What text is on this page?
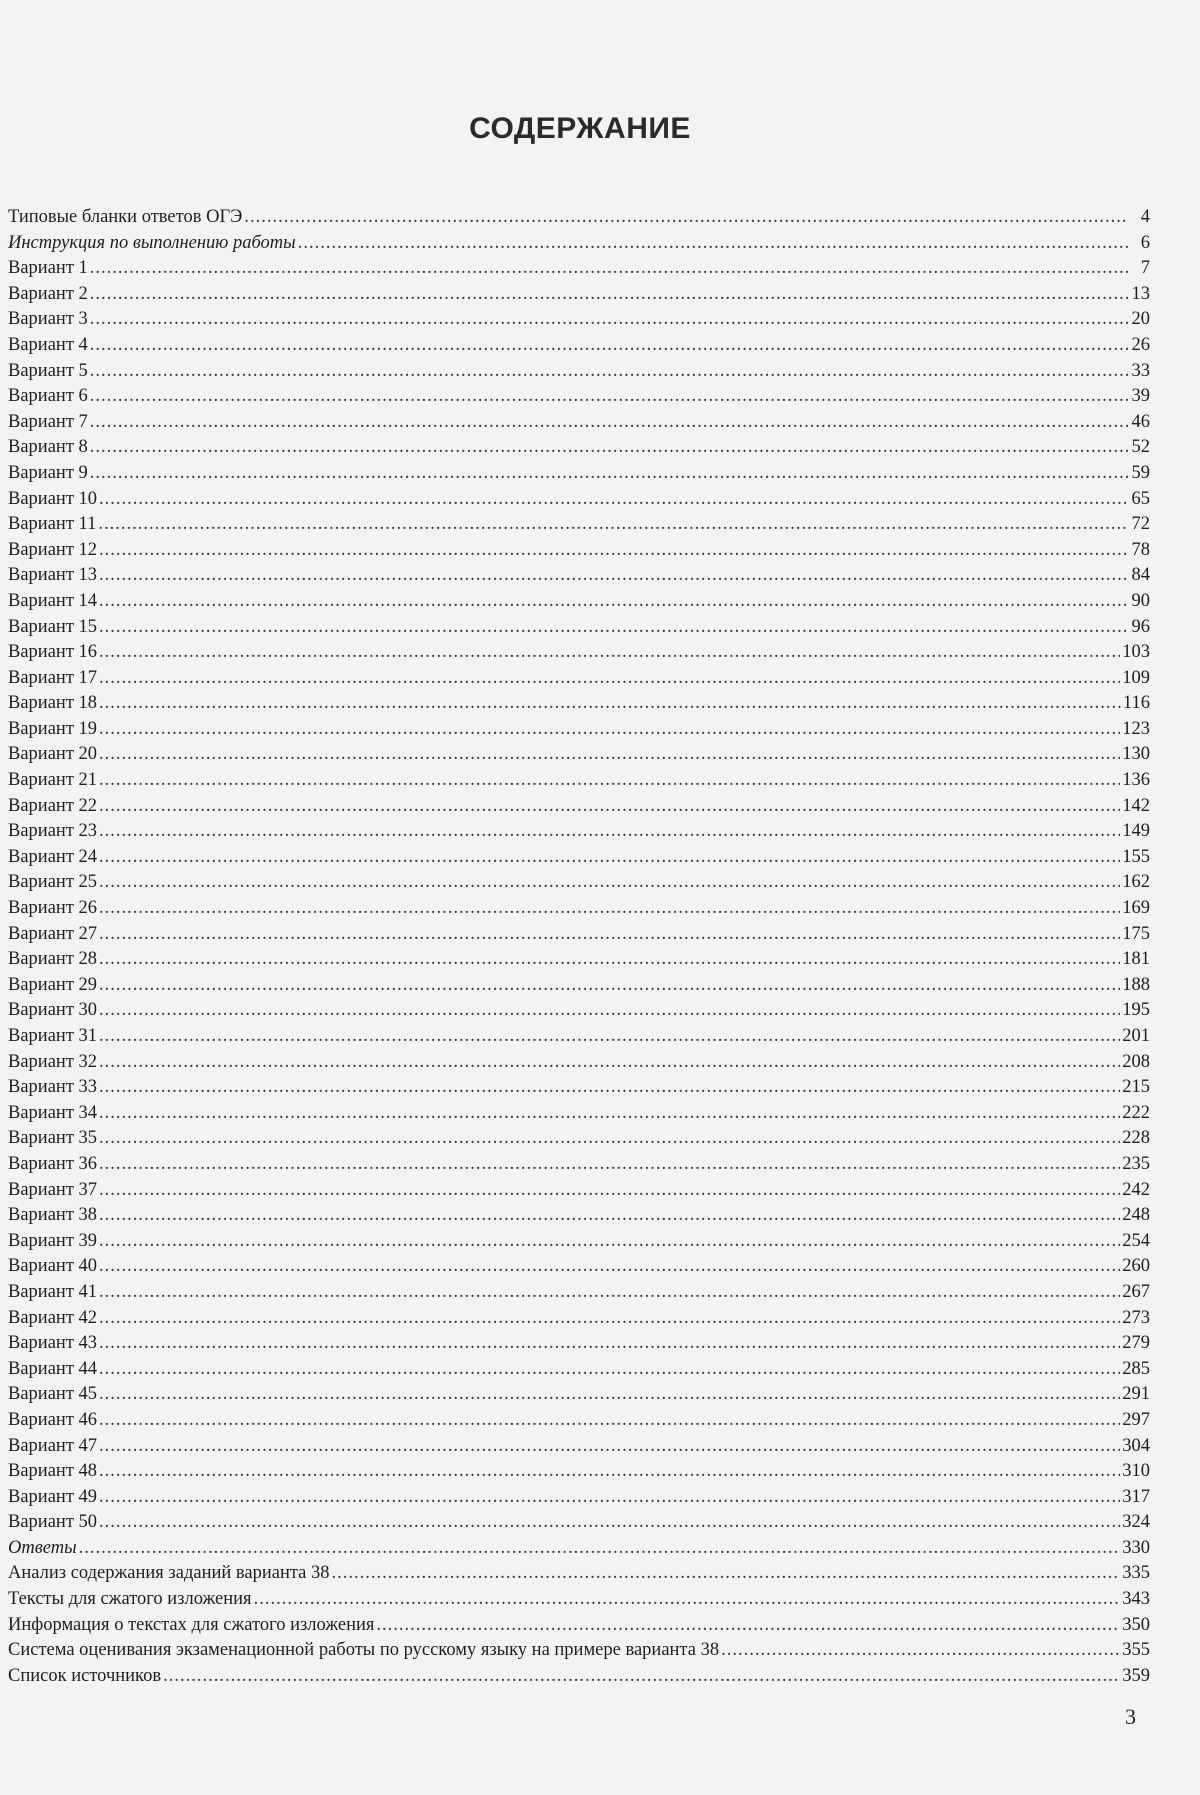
СОДЕРЖАНИЕ
Типовые бланки ответов ОГЭ .....	4
Инструкция по выполнению работы .....	6
Вариант 1 .....	7
Вариант 2 .....	13
Вариант 3 .....	20
Вариант 4 .....	26
Вариант 5 .....	33
Вариант 6 .....	39
Вариант 7 .....	46
Вариант 8 .....	52
Вариант 9 .....	59
Вариант 10 .....	65
Вариант 11 .....	72
Вариант 12 .....	78
Вариант 13 .....	84
Вариант 14 .....	90
Вариант 15 .....	96
Вариант 16 .....	103
Вариант 17 .....	109
Вариант 18 .....	116
Вариант 19 .....	123
Вариант 20 .....	130
Вариант 21 .....	136
Вариант 22 .....	142
Вариант 23 .....	149
Вариант 24 .....	155
Вариант 25 .....	162
Вариант 26 .....	169
Вариант 27 .....	175
Вариант 28 .....	181
Вариант 29 .....	188
Вариант 30 .....	195
Вариант 31 .....	201
Вариант 32 .....	208
Вариант 33 .....	215
Вариант 34 .....	222
Вариант 35 .....	228
Вариант 36 .....	235
Вариант 37 .....	242
Вариант 38 .....	248
Вариант 39 .....	254
Вариант 40 .....	260
Вариант 41 .....	267
Вариант 42 .....	273
Вариант 43 .....	279
Вариант 44 .....	285
Вариант 45 .....	291
Вариант 46 .....	297
Вариант 47 .....	304
Вариант 48 .....	310
Вариант 49 .....	317
Вариант 50 .....	324
Ответы .....	330
Анализ содержания заданий варианта 38 .....	335
Тексты для сжатого изложения .....	343
Информация о текстах для сжатого изложения .....	350
Система оценивания экзаменационной работы по русскому языку на примере варианта 38 .....	355
Список источников .....	359
3
